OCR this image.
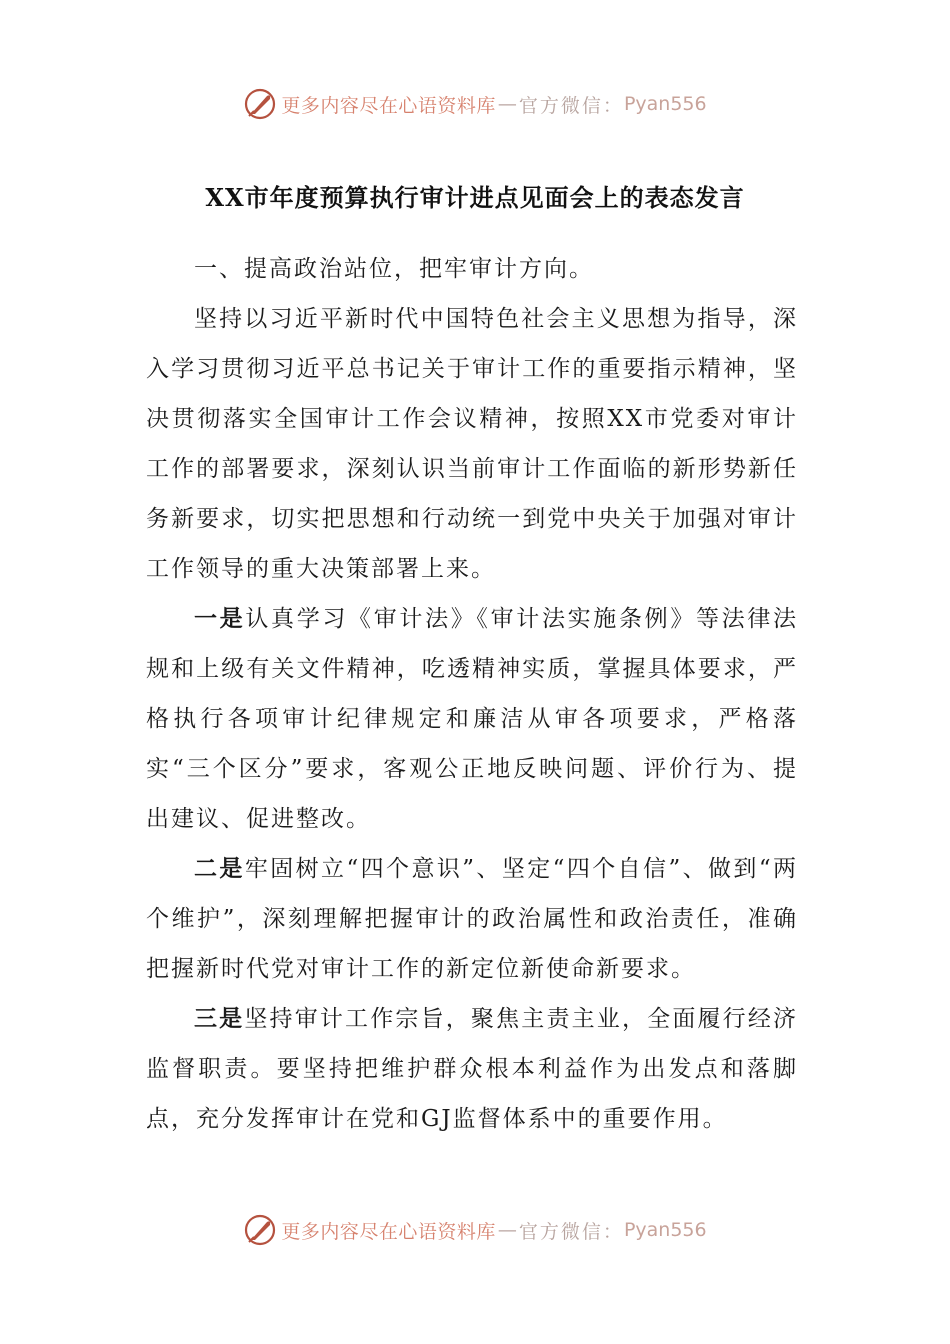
更多内容尽在心语资料库 — 官方微信： Pyan556
XX市年度预算执行审计进点见面会上的表态发言

一、提高政治站位，把牢审计方向。

坚持以习近平新时代中国特色社会主义思想为指导，深入学习贯彻习近平总书记关于审计工作的重要指示精神，坚决贯彻落实全国审计工作会议精神，按照XX市党委对审计工作的部署要求，深刻认识当前审计工作面临的新形势新任务新要求，切实把思想和行动统一到党中央关于加强对审计工作领导的重大决策部署上来。

一是认真学习《审计法》《审计法实施条例》等法律法规和上级有关文件精神，吃透精神实质，掌握具体要求，严格执行各项审计纪律规定和廉洁从审各项要求，严格落实“三个区分”要求，客观公正地反映问题、评价行为、提出建议、促进整改。

二是牢固树立“四个意识”、坚定“四个自信”、做到“两个维护”，深刻理解把握审计的政治属性和政治责任，准确把握新时代党对审计工作的新定位新使命新要求。

三是坚持审计工作宗旨，聚焦主责主业，全面履行经济监督职责。要坚持把维护群众根本利益作为出发点和落脚点，充分发挥审计在党和GJ监督体系中的重要作用。

更多内容尽在心语资料库 — 官方微信： Pyan556
